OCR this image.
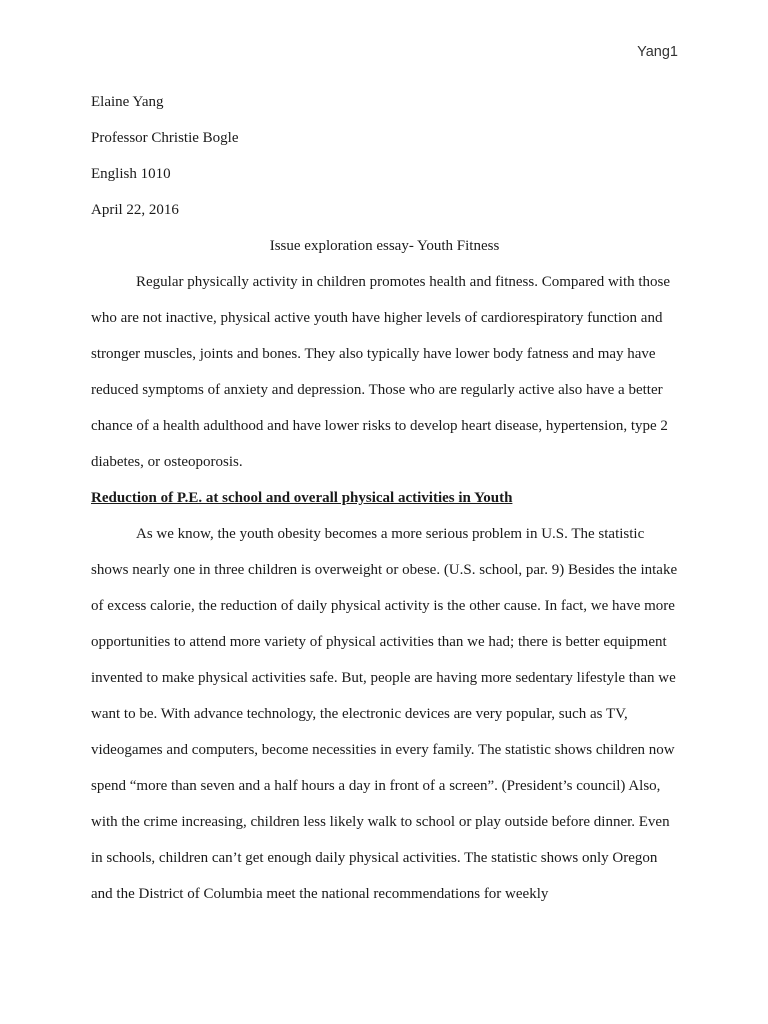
Yang1

Elaine Yang

Professor Christie Bogle

English 1010

April 22, 2016

Issue exploration essay- Youth Fitness

Regular physically activity in children promotes health and fitness. Compared with those who are not inactive, physical active youth have higher levels of cardiorespiratory function and stronger muscles, joints and bones. They also typically have lower body fatness and may have reduced symptoms of anxiety and depression. Those who are regularly active also have a better chance of a health adulthood and have lower risks to develop heart disease, hypertension, type 2 diabetes, or osteoporosis.

Reduction of P.E. at school and overall physical activities in Youth

As we know, the youth obesity becomes a more serious problem in U.S. The statistic shows nearly one in three children is overweight or obese. (U.S. school, par. 9) Besides the intake of excess calorie, the reduction of daily physical activity is the other cause. In fact, we have more opportunities to attend more variety of physical activities than we had; there is better equipment invented to make physical activities safe. But, people are having more sedentary lifestyle than we want to be. With advance technology, the electronic devices are very popular, such as TV, videogames and computers, become necessities in every family. The statistic shows children now spend “more than seven and a half hours a day in front of a screen”. (President’s council) Also, with the crime increasing, children less likely walk to school or play outside before dinner. Even in schools, children can’t get enough daily physical activities. The statistic shows only Oregon and the District of Columbia meet the national recommendations for weekly
